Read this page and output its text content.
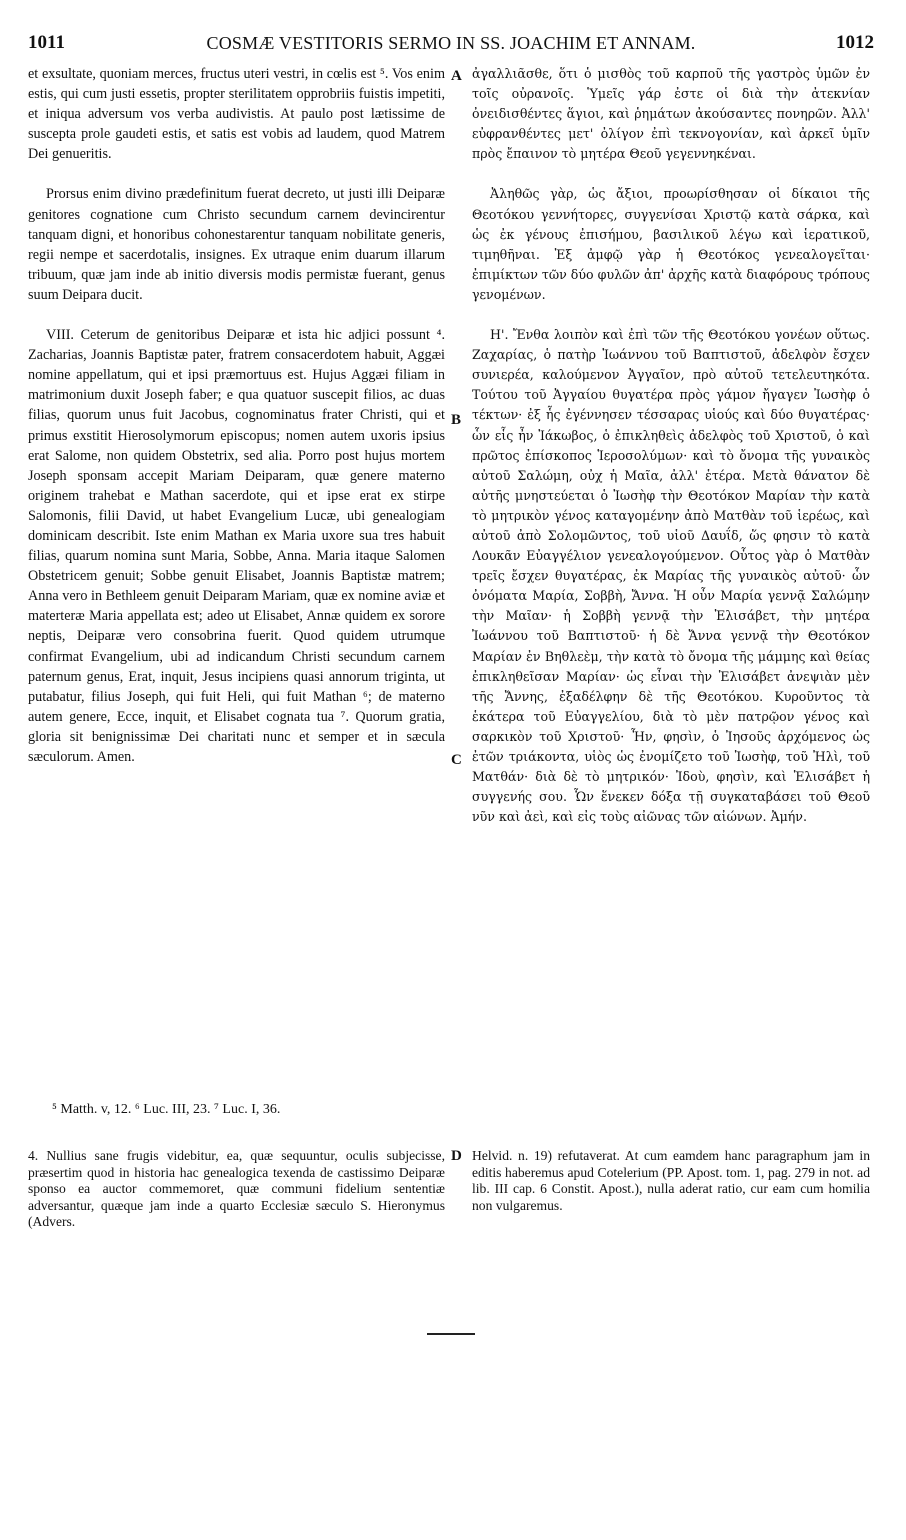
1011	COSMÆ VESTITORIS SERMO IN SS. JOACHIM ET ANNAM.	1012

et exsultate, quoniam merces, fructus uteri vestri, in cœlis est ⁵. Vos enim estis, qui cum justi essetis, propter sterilitatem opprobriis fuistis impetiti, et iniqua adversum vos verba audivistis. At paulo post lætissime de suscepta prole gaudeti estis, et satis est vobis ad laudem, quod Matrem Dei genueritis.

Prorsus enim divino prædefinitum fuerat decreto, ut justi illi Deiparæ genitores cognatione cum Christo secundum carnem devincirentur tanquam digni, et honoribus cohonestarentur tanquam nobilitate generis, regii nempe et sacerdotalis, insignes. Ex utraque enim duarum illarum tribuum, quæ jam inde ab initio diversis modis permistæ fuerant, genus suum Deipara ducit.

VIII. Ceterum de genitoribus Deiparæ et ista hic adjici possunt ⁴. Zacharias, Joannis Baptistæ pater, fratrem consacerdotem habuit, Aggæi nomine appellatum, qui et ipsi præmortuus est. Hujus Aggæi filiam in matrimonium duxit Joseph faber; e qua quatuor suscepit filios, ac duas filias, quorum unus fuit Jacobus, cognominatus frater Christi, qui et primus exstitit Hierosolymorum episcopus; nomen autem uxoris ipsius erat Salome, non quidem Obstetrix, sed alia. Porro post hujus mortem Joseph sponsam accepit Mariam Deiparam, quæ genere materno originem trahebat e Mathan sacerdote, qui et ipse erat ex stirpe Salomonis, filii David, ut habet Evangelium Lucæ, ubi genealogiam dominicam describit. Iste enim Mathan ex Maria uxore sua tres habuit filias, quarum nomina sunt Maria, Sobbe, Anna. Maria itaque Salomen Obstetricem genuit; Sobbe genuit Elisabet, Joannis Baptistæ matrem; Anna vero in Bethleem genuit Deiparam Mariam, quæ ex nomine aviæ et materteræ Maria appellata est; adeo ut Elisabet, Annæ quidem ex sorore neptis, Deiparæ vero consobrina fuerit. Quod quidem utrumque confirmat Evangelium, ubi ad indicandum Christi secundum carnem paternum genus, Erat, inquit, Jesus incipiens quasi annorum triginta, ut putabatur, filius Joseph, qui fuit Heli, qui fuit Mathan ⁶; de materno autem genere, Ecce, inquit, et Elisabet cognata tua ⁷. Quorum gratia, gloria sit benignissimæ Dei charitati nunc et semper et in sæcula sæculorum. Amen.

ἀγαλλιᾶσθε, ὅτι ὁ μισθὸς τοῦ καρποῦ τῆς γαστρὸς ὑμῶν ἐν τοῖς οὐρανοῖς. Ὑμεῖς γάρ ἐστε οἱ διὰ τὴν ἀτεκνίαν ὀνειδισθέντες ἅγιοι, καὶ ῥημάτων ἀκούσαντες πονηρῶν. Ἀλλ' εὐφρανθέντες μετ' ὀλίγον ἐπὶ τεκνογονίαν, καὶ ἀρκεῖ ὑμῖν πρὸς ἔπαινον τὸ μητέρα Θεοῦ γεγεννηκέναι.

Ἀληθῶς γὰρ, ὡς ἄξιοι, προωρίσθησαν οἱ δίκαιοι τῆς Θεοτόκου γεννήτορες, συγγενίσαι Χριστῷ κατὰ σάρκα, καὶ ὡς ἐκ γένους ἐπισήμου, βασιλικοῦ λέγω καὶ ἱερατικοῦ, τιμηθῆναι. Ἐξ ἀμφῷ γὰρ ἡ Θεοτόκος γενεαλογεῖται· ἐπιμίκτων τῶν δύο φυλῶν ἀπ' ἀρχῆς κατὰ διαφόρους τρόπους γενομένων.

Η'. Ἔνθα λοιπὸν καὶ ἐπὶ τῶν τῆς Θεοτόκου γονέων οὕτως. Ζαχαρίας, ὁ πατὴρ Ἰωάννου τοῦ Βαπτιστοῦ, ἀδελφὸν ἔσχεν συνιερέα, καλούμενον Ἀγγαῖον, πρὸ αὐτοῦ τετελευτηκότα. Τούτου τοῦ Ἀγγαίου θυγατέρα πρὸς γάμον ἤγαγεν Ἰωσὴφ ὁ τέκτων· ἐξ ἧς ἐγέννησεν τέσσαρας υἱούς καὶ δύο θυγατέρας· ὧν εἷς ἦν Ἰάκωβος, ὁ ἐπικληθεὶς ἀδελφὸς τοῦ Χριστοῦ, ὁ καὶ πρῶτος ἐπίσκοπος Ἱεροσολύμων· καὶ τὸ ὄνομα τῆς γυναικὸς αὐτοῦ Σαλώμη, οὐχ ἡ Μαῖα, ἀλλ' ἑτέρα. Μετὰ θάνατον δὲ αὐτῆς μνηστεύεται ὁ Ἰωσὴφ τὴν Θεοτόκον Μαρίαν τὴν κατὰ τὸ μητρικὸν γένος καταγομένην ἀπὸ Ματθὰν τοῦ ἱερέως, καὶ αὐτοῦ ἀπὸ Σολομῶντος, τοῦ υἱοῦ Δαυΐδ, ὥς φησιν τὸ κατὰ Λουκᾶν Εὐαγγέλιον γενεαλογούμενον. Οὗτος γὰρ ὁ Ματθὰν τρεῖς ἔσχεν θυγατέρας, ἐκ Μαρίας τῆς γυναικὸς αὐτοῦ· ὧν ὀνόματα Μαρία, Σοββὴ, Ἄννα. Ἡ οὖν Μαρία γεννᾷ Σαλώμην τὴν Μαῖαν· ἡ Σοββὴ γεννᾷ τὴν Ἐλισάβετ, τὴν μητέρα Ἰωάννου τοῦ Βαπτιστοῦ· ἡ δὲ Ἄννα γεννᾷ τὴν Θεοτόκον Μαρίαν ἐν Βηθλεὲμ, τὴν κατὰ τὸ ὄνομα τῆς μάμμης καὶ θείας ἐπικληθεῖσαν Μαρίαν· ὡς εἶναι τὴν Ἐλισάβετ ἀνεψιὰν μὲν τῆς Ἄννης, ἐξαδέλφην δὲ τῆς Θεοτόκου. Κυροῦντος τὰ ἑκάτερα τοῦ Εὐαγγελίου, διὰ τὸ μὲν πατρῷον γένος καὶ σαρκικὸν τοῦ Χριστοῦ· Ἦν, φησὶν, ὁ Ἰησοῦς ἀρχόμενος ὡς ἐτῶν τριάκοντα, υἱὸς ὡς ἐνομίζετο τοῦ Ἰωσὴφ, τοῦ Ἠλὶ, τοῦ Ματθάν· διὰ δὲ τὸ μητρικόν· Ἰδοὺ, φησὶν, καὶ Ἐλισάβετ ἡ συγγενής σου. Ὧν ἕνεκεν δόξα τῇ συγκαταβάσει τοῦ Θεοῦ νῦν καὶ ἀεὶ, καὶ εἰς τοὺς αἰῶνας τῶν αἰώνων. Ἀμήν.

A
B
C
D
⁵ Matth. v, 12. ⁶ Luc. III, 23. ⁷ Luc. I, 36.
4. Nullius sane frugis videbitur, ea, quæ sequuntur, oculis subjecisse, præsertim quod in historia hac genealogica texenda de castissimo Deiparæ sponso ea auctor commemoret, quæ communi fidelium sententiæ adversantur, quæque jam inde a quarto Ecclesiæ sæculo S. Hieronymus (Advers.
Helvid. n. 19) refutaverat. At cum eamdem hanc paragraphum jam in editis haberemus apud Cotelerium (PP. Apost. tom. 1, pag. 279 in not. ad lib. III cap. 6 Constit. Apost.), nulla aderat ratio, cur eam cum homilia non vulgaremus.
